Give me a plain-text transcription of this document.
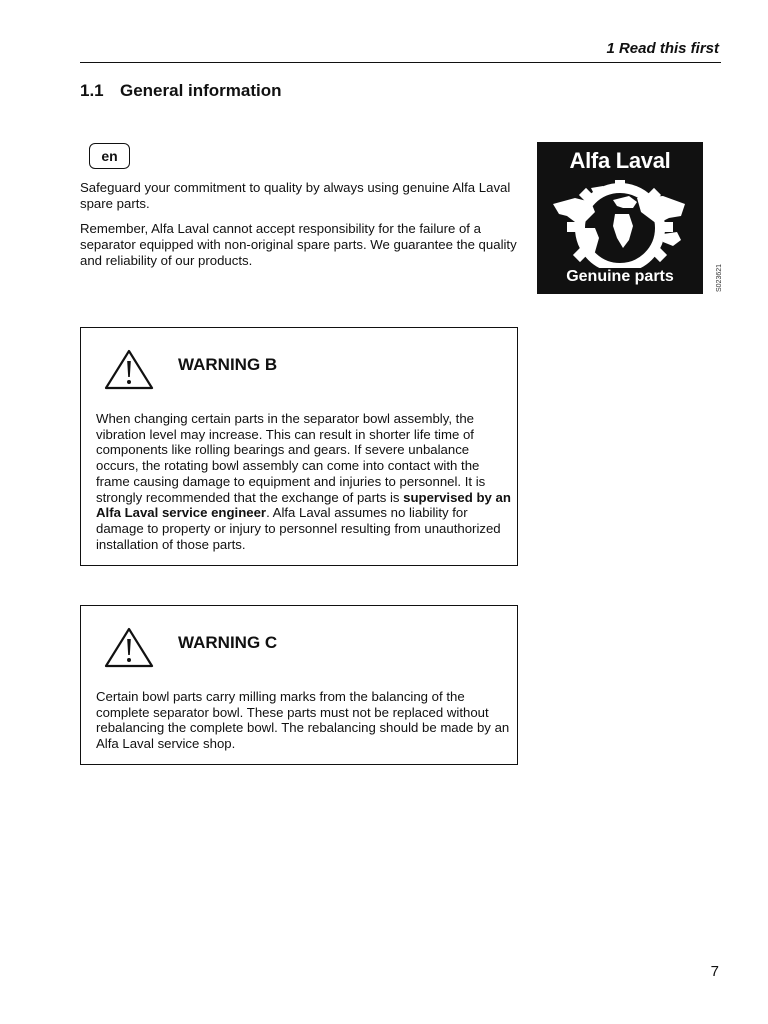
1 Read this first
1.1 General information
en
Safeguard your commitment to quality by always using genuine Alfa Laval spare parts.
Remember, Alfa Laval cannot accept responsibility for the failure of a separator equipped with non-original spare parts. We guarantee the quality and reliability of our products.
Alfa Laval
Genuine parts	S023621
WARNING B
When changing certain parts in the separator bowl assembly, the vibration level may increase. This can result in shorter life time of components like rolling bearings and gears. If severe unbalance occurs, the rotating bowl assembly can come into contact with the frame causing damage to equipment and injuries to personnel. It is strongly recommended that the exchange of parts is supervised by an Alfa Laval service engineer. Alfa Laval assumes no liability for damage to property or injury to personnel resulting from unauthorized installation of those parts.
WARNING C
Certain bowl parts carry milling marks from the balancing of the complete separator bowl. These parts must not be replaced without rebalancing the complete bowl. The rebalancing should be made by an Alfa Laval service shop.
7
